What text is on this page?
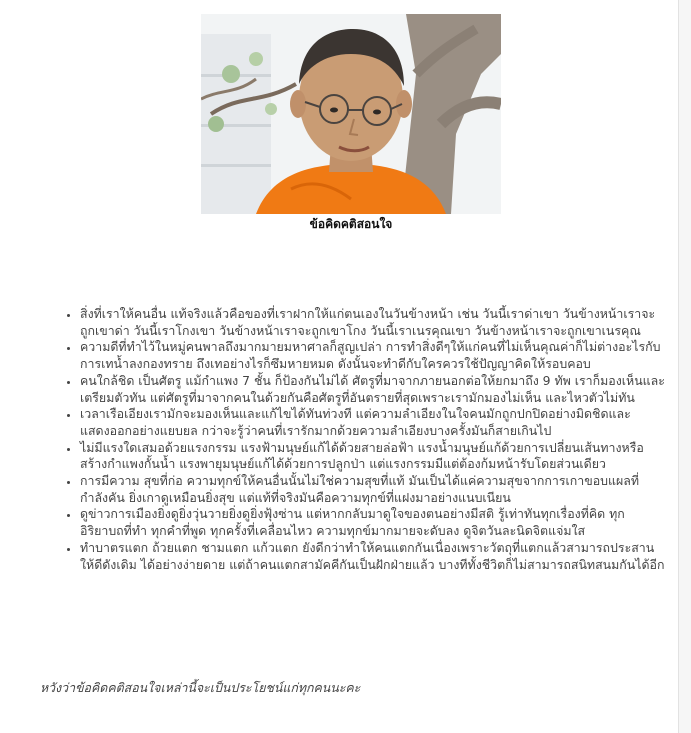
ข้อคิดคติสอนใจ
• สิ่งที่เราให้คนอื่น แท้จริงแล้วคือของที่เราฝากให้แก่ตนเองในวันข้างหน้า เช่น วันนี้เราด่าเขา วันข้างหน้าเราจะถูกเขาด่า วันนี้เราโกงเขา วันข้างหน้าเราจะถูกเขาโกง วันนี้เราเนรคุณเขา วันข้างหน้าเราจะถูกเขาเนรคุณ
• ความดีที่ทำไว้ในหมู่คนพาลถึงมากมายมหาศาลก็สูญเปล่า การทำสิ่งดีๆให้แก่คนที่ไม่เห็นคุณค่าก็ไม่ต่างอะไรกับการเทน้ำลงกองทราย ถึงเทอย่างไรก็ซึมหายหมด ดังนั้นจะทำดีกับใครควรใช้ปัญญาคิดให้รอบคอบ
• คนใกล้ชิด เป็นศัตรู แม้กำแพง 7 ชั้น ก็ป้องกันไม่ได้ ศัตรูที่มาจากภายนอกต่อให้ยกมาถึง 9 ทัพ เราก็มองเห็นและเตรียมตัวทัน แต่ศัตรูที่มาจากคนในด้วยกันคือศัตรูที่อันตรายที่สุดเพราะเรามักมองไม่เห็น และไหวตัวไม่ทัน
• เวลาเรือเอียงเรามักจะมองเห็นและแก้ไขได้ทันท่วงที แต่ความลำเอียงในใจคนมักถูกปกปิดอย่างมิดชิดและแสดงออกอย่างแยบยล กว่าจะรู้ว่าคนที่เรารักมากด้วยความลำเอียงบางครั้งมันก็สายเกินไป
• ไม่มีแรงใดเสมอด้วยแรงกรรม แรงฟ้ามนุษย์แก้ได้ด้วยสายล่อฟ้า แรงน้ำมนุษย์แก้ด้วยการเปลี่ยนเส้นทางหรือสร้างกำแพงกั้นน้ำ แรงพายุมนุษย์แก้ได้ด้วยการปลูกป่า แต่แรงกรรมมีแต่ต้องก้มหน้ารับโดยส่วนเดียว
• การมีความ สุขที่ก่อ ความทุกข์ให้คนอื่นนั้นไม่ใช่ความสุขที่แท้ มันเป็นได้แค่ความสุขจากการเกาขอบแผลที่กำลังคัน ยิ่งเกาดูเหมือนยิ่งสุข แต่แท้ที่จริงมันคือความทุกข์ที่แฝงมาอย่างแนบเนียน
• ดูข่าวการเมืองยิ่งดูยิ่งวุ่นวายยิ่งดูยิ่งฟุ้งซ่าน แต่หากกลับมาดูใจของตนอย่างมีสติ รู้เท่าทันทุกเรื่องที่คิด ทุกอิริยาบถที่ทำ ทุกคำที่พูด ทุกครั้งที่เคลื่อนไหว ความทุกข์มากมายจะดับลง ดูจิตวันละนิดจิตแจ่มใส
• ทำบาตรแตก ถ้วยแตก ชามแตก แก้วแตก ยังดีกว่าทำให้คนแตกกันเนื่องเพราะวัตถุที่แตกแล้วสามารถประสานให้ดีดังเดิม ได้อย่างง่ายดาย แต่ถ้าคนแตกสามัคคีกันเป็นฝักฝ่ายแล้ว บางทีทั้งชีวิตก็ไม่สามารถสนิทสนมกันได้อีก
หวังว่าข้อคิดคติสอนใจเหล่านี้จะเป็นประโยชน์แก่ทุกคนนะคะ
